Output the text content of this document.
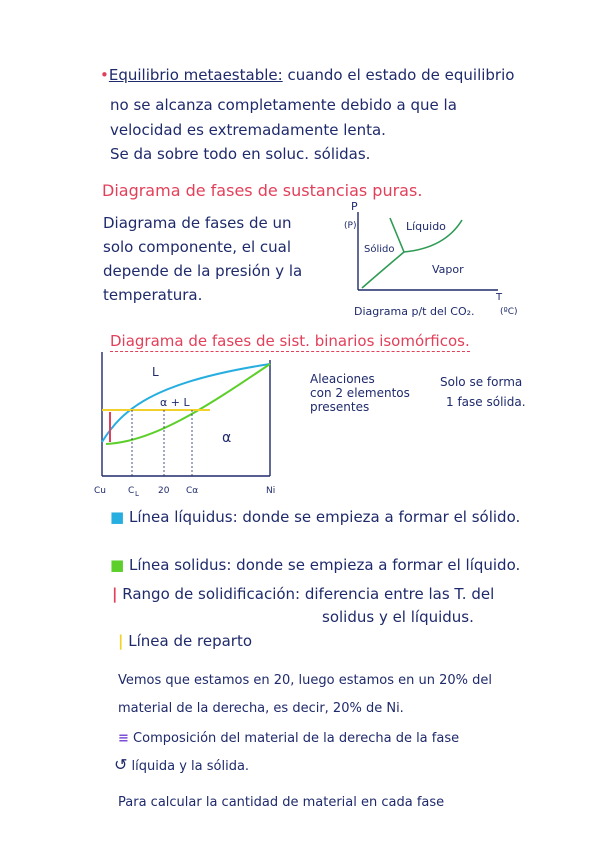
•Equilibrio metaestable: cuando el estado de equilibrio
no se alcanza completamente debido a que la
velocidad es extremadamente lenta.
Se da sobre todo en soluc. sólidas.
Diagrama de fases de sustancias puras.
Diagrama de fases de un
solo componente, el cual
depende de la presión y la
temperatura.
P
(P)	Líquido
Sólido
Vapor
T
(ºC)
Diagrama p/t del CO₂.
Diagrama de fases de sist. binarios isomórficos.
L
α + L
α
Cu C L 20 Cα	Ni
Aleaciones
con 2 elementos
presentes
Solo se forma
1 fase sólida.
■ Línea líquidus: donde se empieza a formar el sólido.
■ Línea solidus: donde se empieza a formar el líquido.
| Rango de solidificación: diferencia entre las T. del
solidus y el líquidus.
| Línea de reparto
Vemos que estamos en 20, luego estamos en un 20% del
material de la derecha, es decir, 20% de Ni.
≡ Composición del material de la derecha de la fase
↺ líquida y la sólida.
Para calcular la cantidad de material en cada fase
